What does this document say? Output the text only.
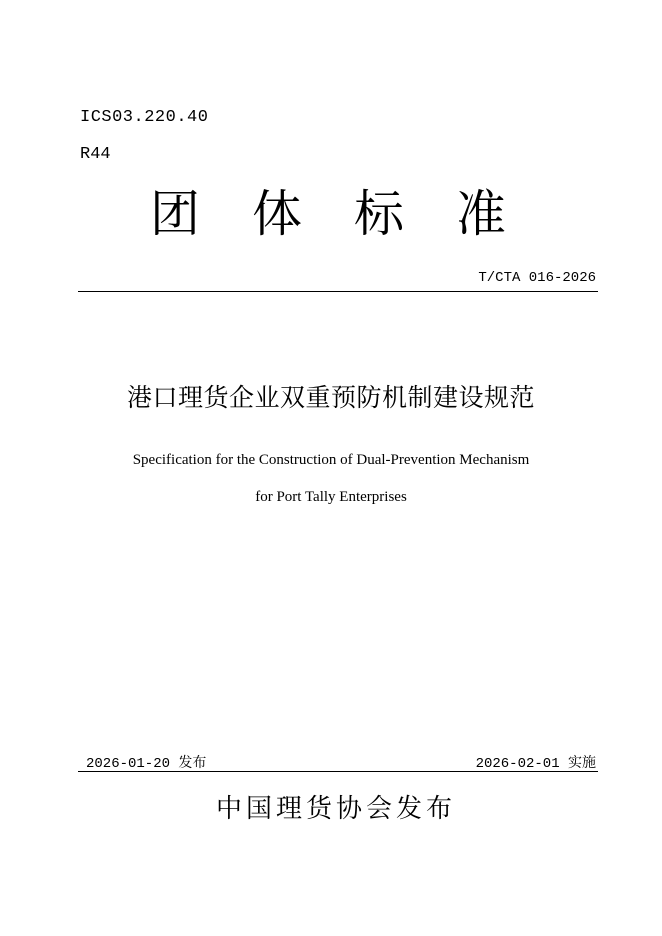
ICS03.220.40
R44
团体标准
T/CTA 016-2026
港口理货企业双重预防机制建设规范
Specification for the Construction of Dual-Prevention Mechanism
for Port Tally Enterprises
2026-01-20 发布	2026-02-01 实施
中国理货协会发布
